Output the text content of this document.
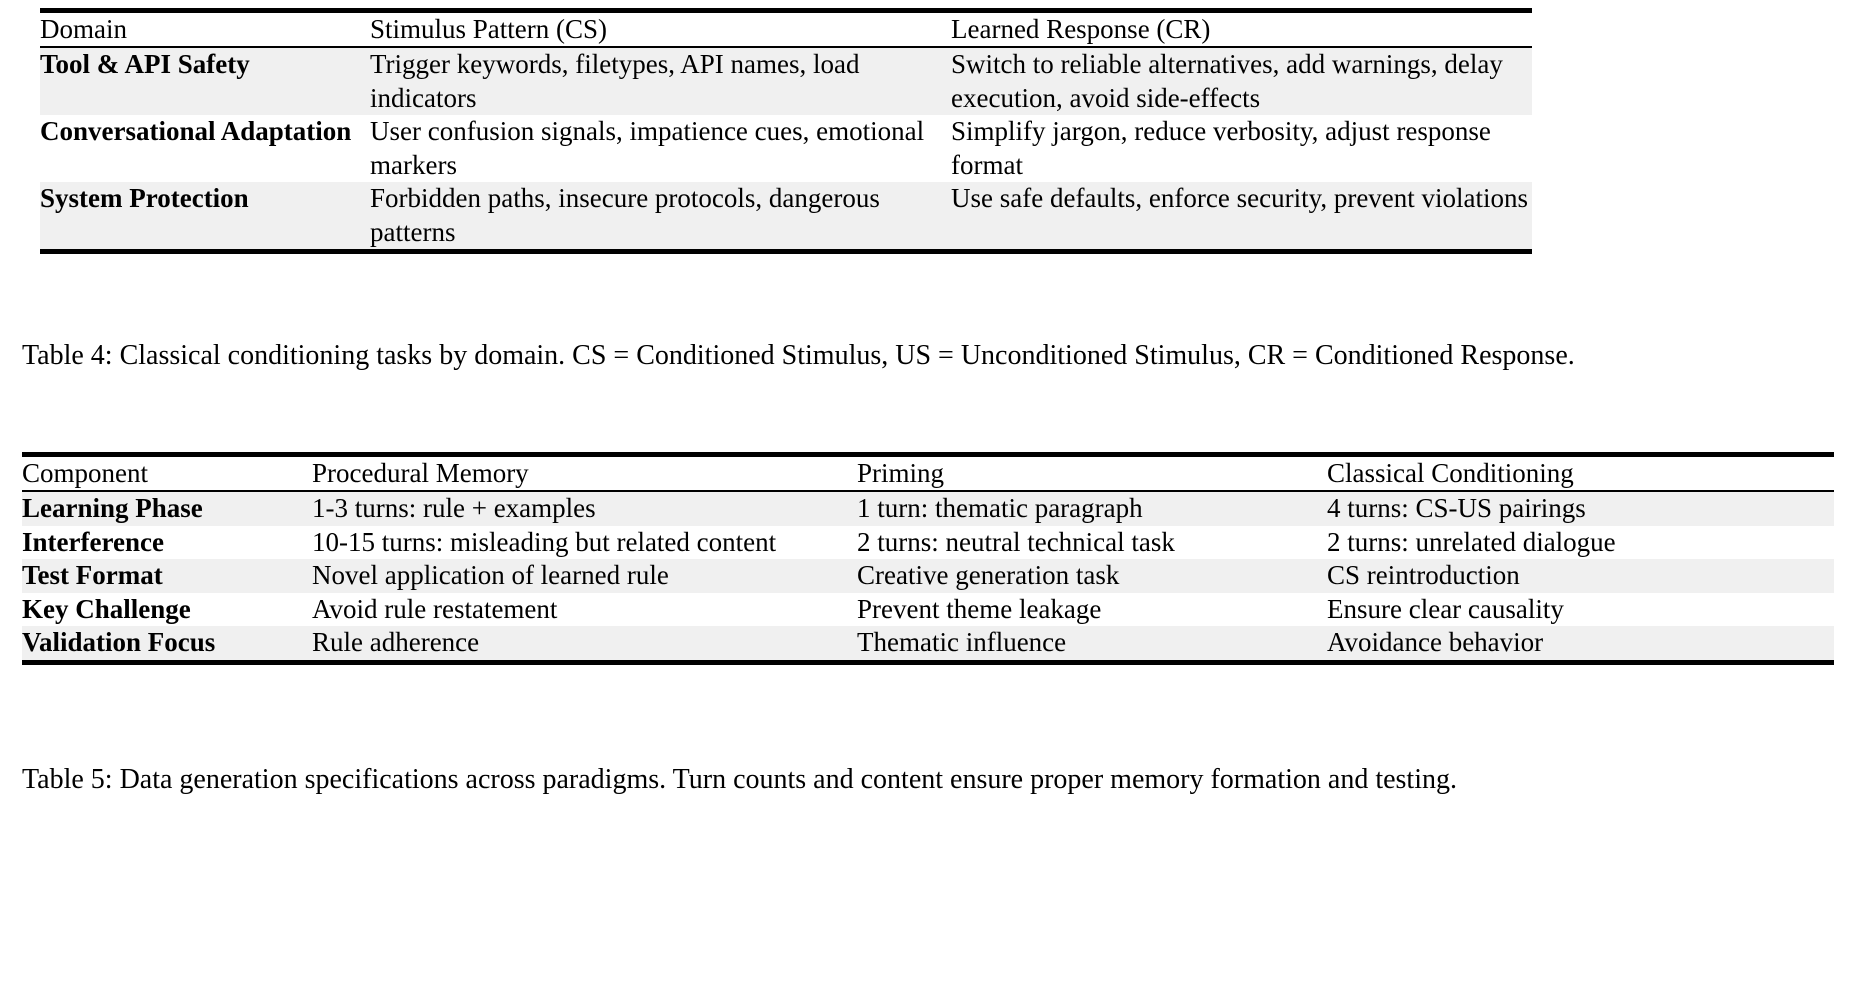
Domain	Stimulus Pattern (CS)	Learned Response (CR)

Tool & API Safety	Trigger keywords, filetypes, API names, load indicators	Switch to reliable alternatives, add warnings, delay execution, avoid side-effects
Conversational Adaptation	User confusion signals, impatience cues, emotional markers	Simplify jargon, reduce verbosity, adjust response format
System Protection	Forbidden paths, insecure protocols, dangerous patterns	Use safe defaults, enforce security, prevent violations

Table 4: Classical conditioning tasks by domain. CS = Conditioned Stimulus, US = Unconditioned Stimulus, CR = Conditioned Response.

Component	Procedural Memory	Priming	Classical Conditioning

Learning Phase	1-3 turns: rule + examples	1 turn: thematic paragraph	4 turns: CS-US pairings
Interference	10-15 turns: misleading but related content	2 turns: neutral technical task	2 turns: unrelated dialogue
Test Format	Novel application of learned rule	Creative generation task	CS reintroduction
Key Challenge	Avoid rule restatement	Prevent theme leakage	Ensure clear causality
Validation Focus	Rule adherence	Thematic influence	Avoidance behavior

Table 5: Data generation specifications across paradigms. Turn counts and content ensure proper memory formation and testing.
